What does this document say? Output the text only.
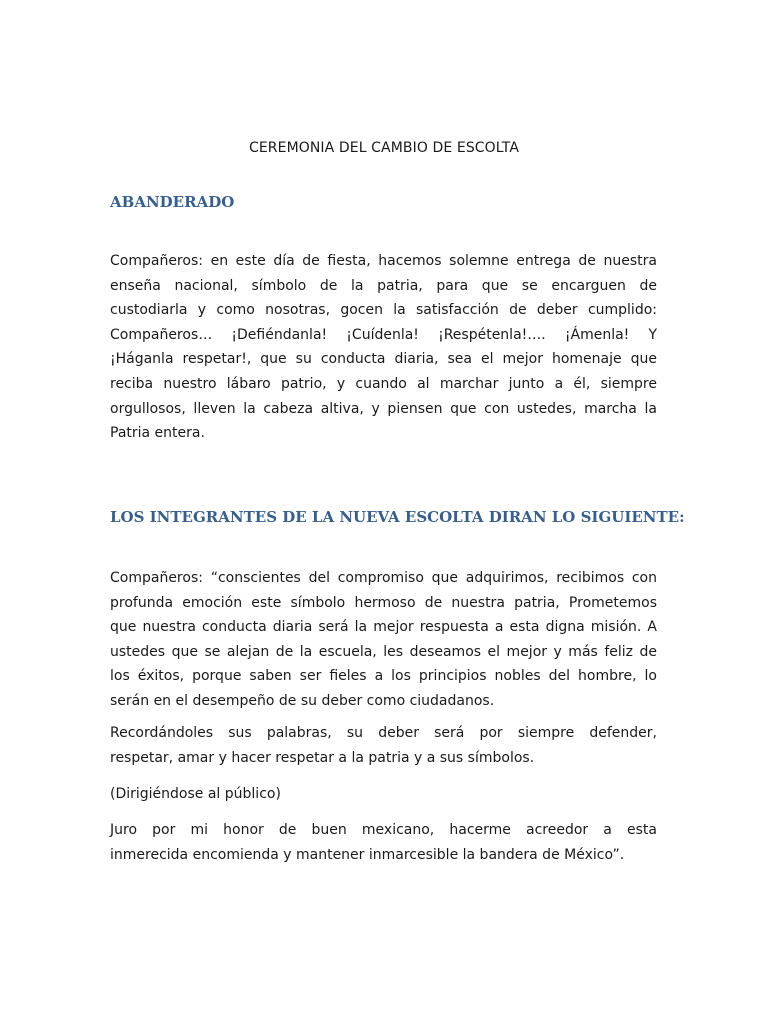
CEREMONIA DEL CAMBIO DE ESCOLTA
ABANDERADO
Compañeros: en este día de fiesta, hacemos solemne entrega de nuestra
enseña nacional, símbolo de la patria, para que se encarguen de
custodiarla y como nosotras, gocen la satisfacción de deber cumplido:
Compañeros… ¡Defiéndanla! ¡Cuídenla! ¡Respétenla!…. ¡Ámenla! Y
¡Háganla respetar!, que su conducta diaria, sea el mejor homenaje que
reciba nuestro lábaro patrio, y cuando al marchar junto a él, siempre
orgullosos, lleven la cabeza altiva, y piensen que con ustedes, marcha la
Patria entera.
LOS INTEGRANTES DE LA NUEVA ESCOLTA DIRAN LO SIGUIENTE:
Compañeros: “conscientes del compromiso que adquirimos, recibimos con
profunda emoción este símbolo hermoso de nuestra patria, Prometemos
que nuestra conducta diaria será la mejor respuesta a esta digna misión. A
ustedes que se alejan de la escuela, les deseamos el mejor y más feliz de
los éxitos, porque saben ser fieles a los principios nobles del hombre, lo
serán en el desempeño de su deber como ciudadanos.
Recordándoles sus palabras, su deber será por siempre defender,
respetar, amar y hacer respetar a la patria y a sus símbolos.
(Dirigiéndose al público)
Juro por mi honor de buen mexicano, hacerme acreedor a esta
inmerecida encomienda y mantener inmarcesible la bandera de México”.
